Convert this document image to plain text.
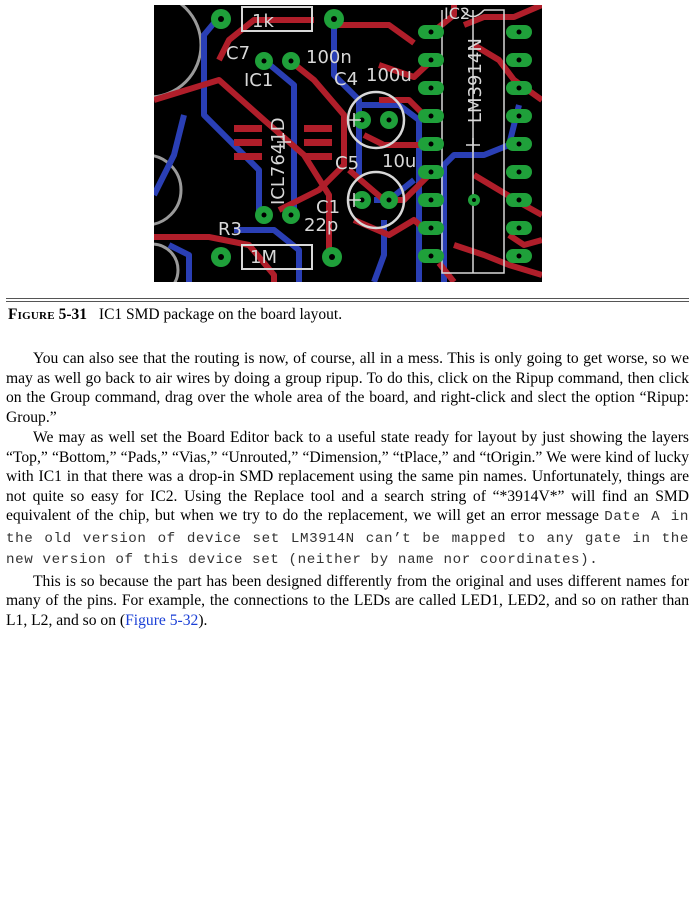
1k
C7	100n
IC1	C4 100u
IC2
LM3914N
ICL7641D	C5 10u
C1
22p
R3
1M
Figure 5-31 IC1 SMD package on the board layout.

You can also see that the routing is now, of course, all in a mess. This is only going to get worse, so we may as well go back to air wires by doing a group ripup. To do this, click on the Ripup command, then click on the Group command, drag over the whole area of the board, and right-click and slect the option “Ripup: Group.”

We may as well set the Board Editor back to a useful state ready for layout by just showing the layers “Top,” “Bottom,” “Pads,” “Vias,” “Unrouted,” “Dimension,” “tPlace,” and “tOrigin.” We were kind of lucky with IC1 in that there was a drop-in SMD replacement using the same pin names. Unfortunately, things are not quite so easy for IC2. Using the Replace tool and a search string of “*3914V*” will find an SMD equivalent of the chip, but when we try to do the replacement, we will get an error message Date A in the old version of device set LM3914N can’t be mapped to any gate in the new version of this device set (neither by name nor coordinates).

This is so because the part has been designed differently from the original and uses different names for many of the pins. For example, the connections to the LEDs are called LED1, LED2, and so on rather than L1, L2, and so on (Figure 5-32).
